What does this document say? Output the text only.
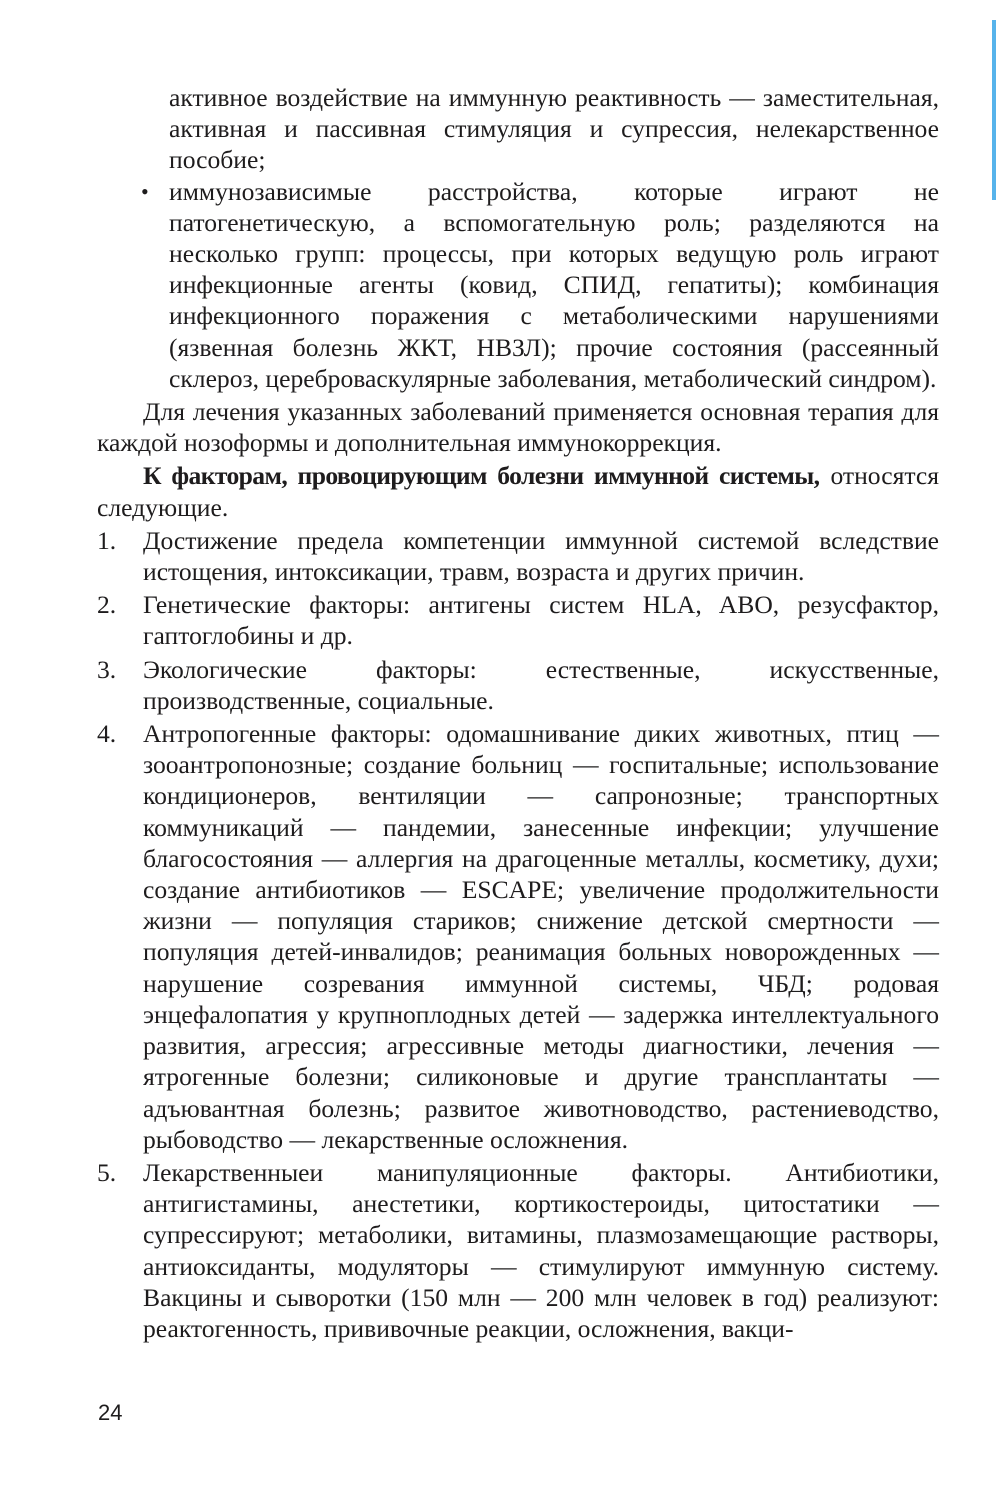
активное воздействие на иммунную реактивность — заместительная, активная и пассивная стимуляция и супрессия, нелекарственное пособие;
• иммунозависимые расстройства, которые играют не патогенетическую, а вспомогательную роль; разделяются на несколько групп: процессы, при которых ведущую роль играют инфекционные агенты (ковид, СПИД, гепатиты); комбинация инфекционного поражения с метаболическими нарушениями (язвенная болезнь ЖКТ, НВЗЛ); прочие состояния (рассеянный склероз, цереброваскулярные заболевания, метаболический синдром).

Для лечения указанных заболеваний применяется основная терапия для каждой нозоформы и дополнительная иммунокоррекция.

К факторам, провоцирующим болезни иммунной системы, относятся следующие.

1. Достижение предела компетенции иммунной системой вследствие истощения, интоксикации, травм, возраста и других причин.
2. Генетические факторы: антигены систем HLA, ABO, резусфактор, гаптоглобины и др.
3. Экологические факторы: естественные, искусственные, производственные, социальные.
4. Антропогенные факторы: одомашнивание диких животных, птиц — зооантропонозные; создание больниц — госпитальные; использование кондиционеров, вентиляции — сапронозные; транспортных коммуникаций — пандемии, занесенные инфекции; улучшение благосостояния — аллергия на драгоценные металлы, косметику, духи; создание антибиотиков — ESCAPE; увеличение продолжительности жизни — популяция стариков; снижение детской смертности — популяция детей-инвалидов; реанимация больных новорожденных — нарушение созревания иммунной системы, ЧБД; родовая энцефалопатия у крупноплодных детей — задержка интеллектуального развития, агрессия; агрессивные методы диагностики, лечения — ятрогенные болезни; силиконовые и другие трансплантаты — адъювантная болезнь; развитое животноводство, растениеводство, рыбоводство — лекарственные осложнения.
5. Лекарственныеи манипуляционные факторы. Антибиотики, антигистамины, анестетики, кортикостероиды, цитостатики — супрессируют; метаболики, витамины, плазмозамещающие растворы, антиоксиданты, модуляторы — стимулируют иммунную систему. Вакцины и сыворотки (150 млн — 200 млн человек в год) реализуют: реактогенность, прививочные реакции, осложнения, вакци-
24
